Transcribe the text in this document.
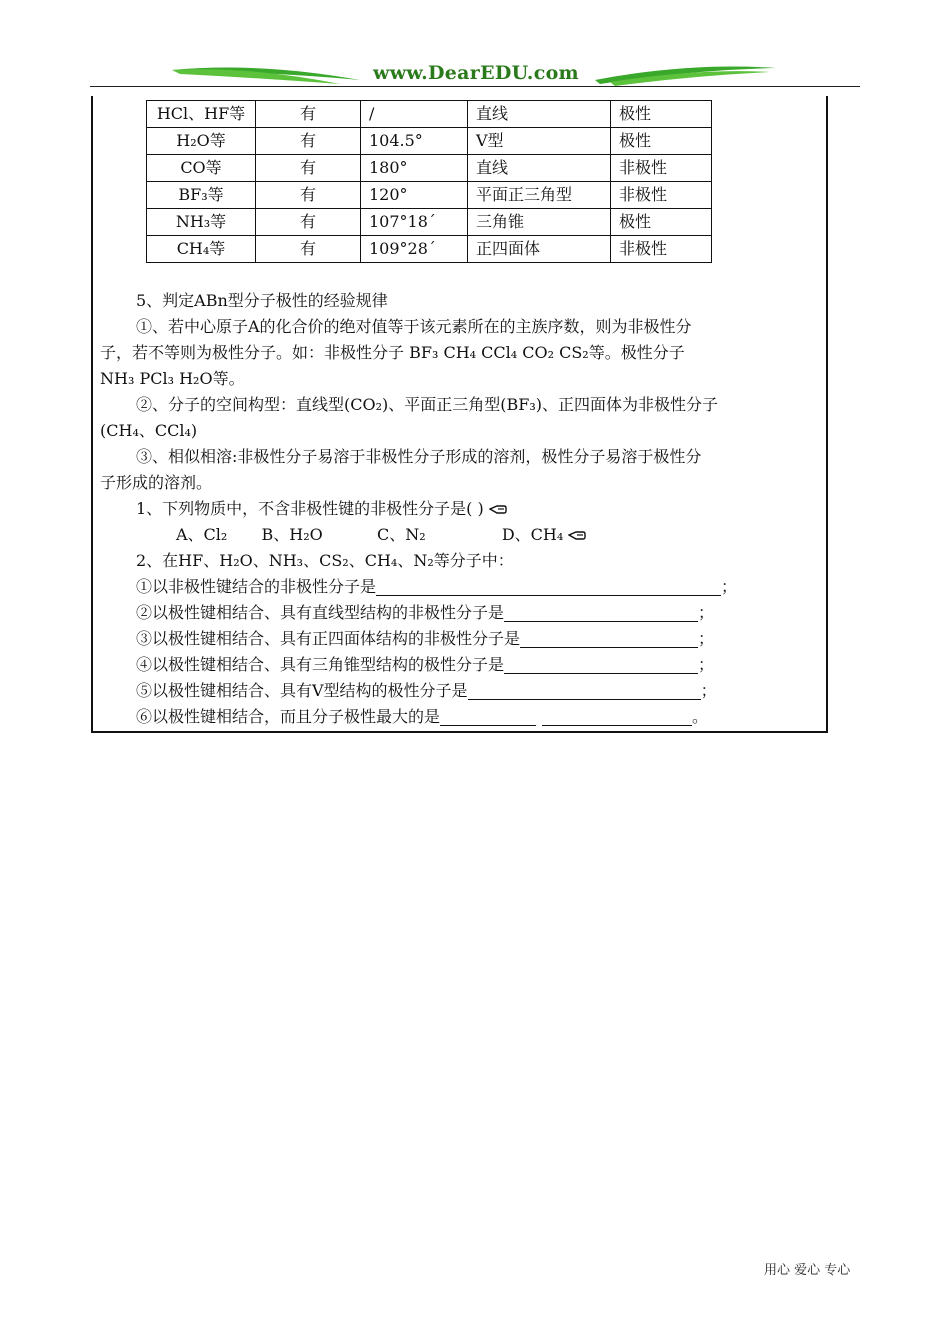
www.DearEDU.com
HCl、HF等	有	/	直线	极性
H₂O等	有	104.5°	V型	极性
CO等	有	180°	直线	非极性
BF₃等	有	120°	平面正三角型	非极性
NH₃等	有	107°18´	三角锥	极性
CH₄等	有	109°28´	正四面体	非极性
5、判定ABn型分子极性的经验规律
①、若中心原子A的化合价的绝对值等于该元素所在的主族序数，则为非极性分
子，若不等则为极性分子。如：非极性分子 BF₃ CH₄ CCl₄ CO₂ CS₂等。极性分子
NH₃ PCl₃ H₂O等。
②、分子的空间构型：直线型(CO₂)、平面正三角型(BF₃)、正四面体为非极性分子
(CH₄、CCl₄)
③、相似相溶:非极性分子易溶于非极性分子形成的溶剂，极性分子易溶于极性分
子形成的溶剂。
1、下列物质中，不含非极性键的非极性分子是( )
A、Cl₂ B、H₂O	C、N₂	D、CH₄
2、在HF、H₂O、NH₃、CS₂、CH₄、N₂等分子中：
①以非极性键结合的非极性分子是	；
②以极性键相结合、具有直线型结构的非极性分子是	；
③以极性键相结合、具有正四面体结构的非极性分子是	；
④以极性键相结合、具有三角锥型结构的极性分子是	；
⑤以极性键相结合、具有V型结构的极性分子是	；
⑥以极性键相结合，而且分子极性最大的是	。
用心 爱心 专心
